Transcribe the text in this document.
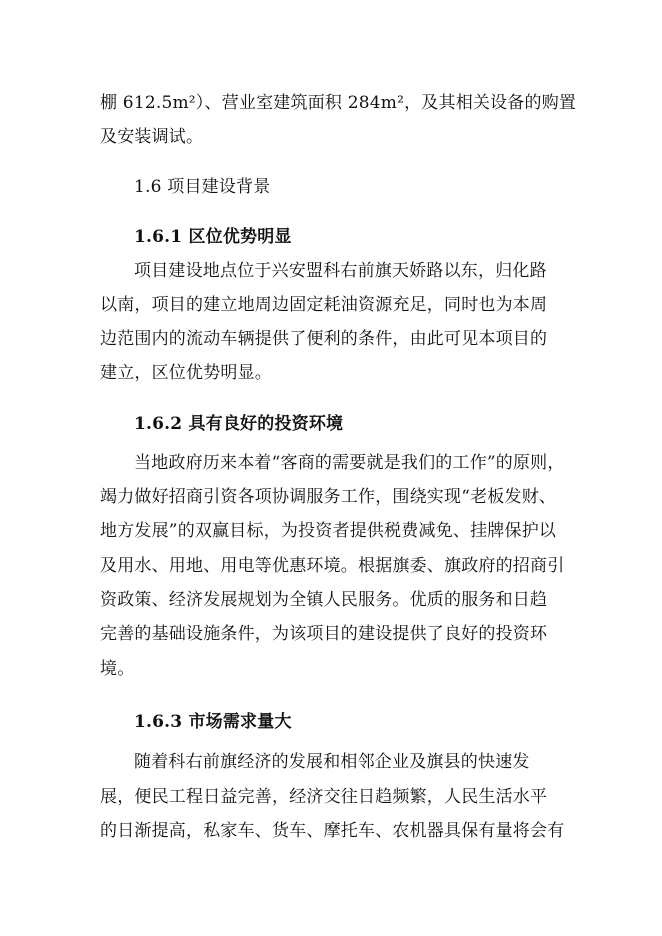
棚 612.5m²）、营业室建筑面积 284m²，及其相关设备的购置
及安装调试。
1.6 项目建设背景
1.6.1 区位优势明显
项目建设地点位于兴安盟科右前旗天娇路以东，归化路
以南，项目的建立地周边固定耗油资源充足，同时也为本周
边范围内的流动车辆提供了便利的条件，由此可见本项目的
建立，区位优势明显。
1.6.2 具有良好的投资环境
当地政府历来本着“客商的需要就是我们的工作”的原则，
竭力做好招商引资各项协调服务工作，围绕实现“老板发财、
地方发展”的双赢目标，为投资者提供税费减免、挂牌保护以
及用水、用地、用电等优惠环境。根据旗委、旗政府的招商引
资政策、经济发展规划为全镇人民服务。优质的服务和日趋
完善的基础设施条件，为该项目的建设提供了良好的投资环
境。
1.6.3 市场需求量大
随着科右前旗经济的发展和相邻企业及旗县的快速发
展，便民工程日益完善，经济交往日趋频繁，人民生活水平
的日渐提高，私家车、货车、摩托车、农机器具保有量将会有
